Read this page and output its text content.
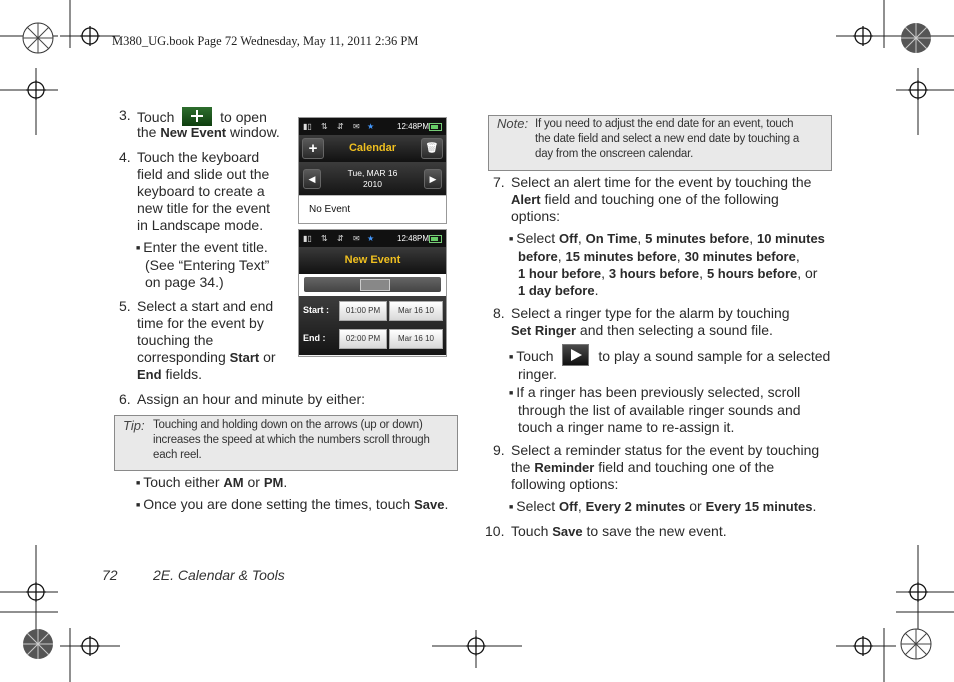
M380_UG.book Page 72 Wednesday, May 11, 2011 2:36 PM
3. Touch	to open
the New Event window.
4. Touch the keyboard
field and slide out the
keyboard to create a
new title for the event
in Landscape mode.
■ Enter the event title.
(See “Entering Text”
on page 34.)
5. Select a start and end
time for the event by
touching the
corresponding Start or
End fields.
6. Assign an hour and minute by either:
Tip: Touching and holding down on the arrows (up or down)
increases the speed at which the numbers scroll through
each reel.
■ Touch either AM or PM.
■ Once you are done setting the times, touch Save.
▮▯ ⇅ ⇵ ✉ ★	12:48PM
+	Calendar	🗑
◀
Tue, MAR 16
2010	▶
No Event
▮▯ ⇅ ⇵ ✉ ★	12:48PM
New Event
Start :	01:00 PM	Mar 16 10
End :	02:00 PM	Mar 16 10
Note: If you need to adjust the end date for an event, touch
the date field and select a new end date by touching a
day from the onscreen calendar.
7. Select an alert time for the event by touching the
Alert field and touching one of the following
options:
■ Select Off, On Time, 5 minutes before, 10 minutes
before, 15 minutes before, 30 minutes before,
1 hour before, 3 hours before, 5 hours before, or
1 day before.
8. Select a ringer type for the alarm by touching
Set Ringer and then selecting a sound file.
■ Touch	to play a sound sample for a selected
ringer.
■ If a ringer has been previously selected, scroll
through the list of available ringer sounds and
touch a ringer name to re-assign it.
9. Select a reminder status for the event by touching
the Reminder field and touching one of the
following options:
■ Select Off, Every 2 minutes or Every 15 minutes.
10. Touch Save to save the new event.
72	2E. Calendar & Tools
